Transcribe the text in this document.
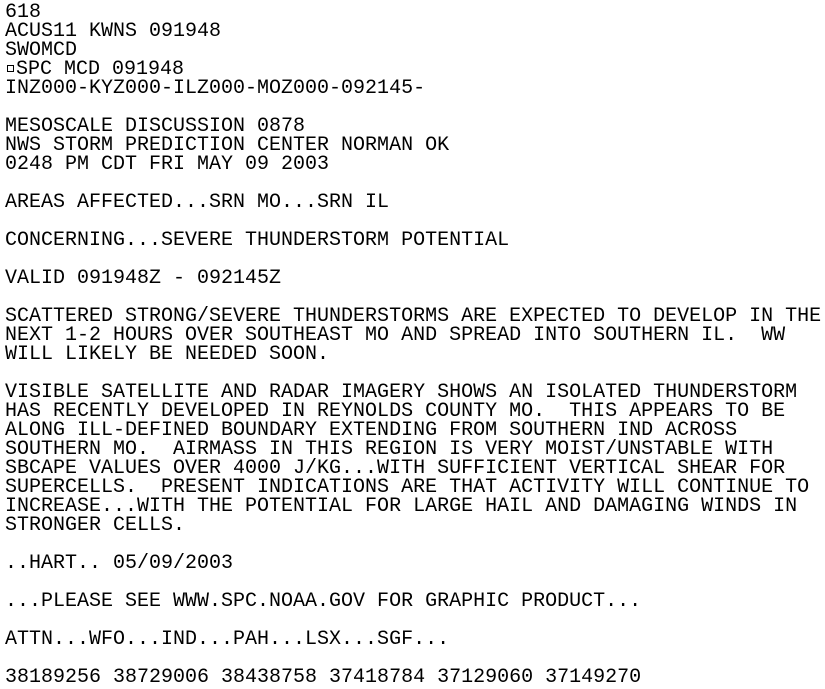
618
ACUS11 KWNS 091948
SWOMCD
SPC MCD 091948
INZ000-KYZ000-ILZ000-MOZ000-092145-
MESOSCALE DISCUSSION 0878
NWS STORM PREDICTION CENTER NORMAN OK
0248 PM CDT FRI MAY 09 2003
AREAS AFFECTED...SRN MO...SRN IL
CONCERNING...SEVERE THUNDERSTORM POTENTIAL
VALID 091948Z - 092145Z
SCATTERED STRONG/SEVERE THUNDERSTORMS ARE EXPECTED TO DEVELOP IN THE
NEXT 1-2 HOURS OVER SOUTHEAST MO AND SPREAD INTO SOUTHERN IL.  WW
WILL LIKELY BE NEEDED SOON.
VISIBLE SATELLITE AND RADAR IMAGERY SHOWS AN ISOLATED THUNDERSTORM
HAS RECENTLY DEVELOPED IN REYNOLDS COUNTY MO.  THIS APPEARS TO BE
ALONG ILL-DEFINED BOUNDARY EXTENDING FROM SOUTHERN IND ACROSS
SOUTHERN MO.  AIRMASS IN THIS REGION IS VERY MOIST/UNSTABLE WITH
SBCAPE VALUES OVER 4000 J/KG...WITH SUFFICIENT VERTICAL SHEAR FOR
SUPERCELLS.  PRESENT INDICATIONS ARE THAT ACTIVITY WILL CONTINUE TO
INCREASE...WITH THE POTENTIAL FOR LARGE HAIL AND DAMAGING WINDS IN
STRONGER CELLS.
..HART.. 05/09/2003
...PLEASE SEE WWW.SPC.NOAA.GOV FOR GRAPHIC PRODUCT...
ATTN...WFO...IND...PAH...LSX...SGF...
38189256 38729006 38438758 37418784 37129060 37149270
